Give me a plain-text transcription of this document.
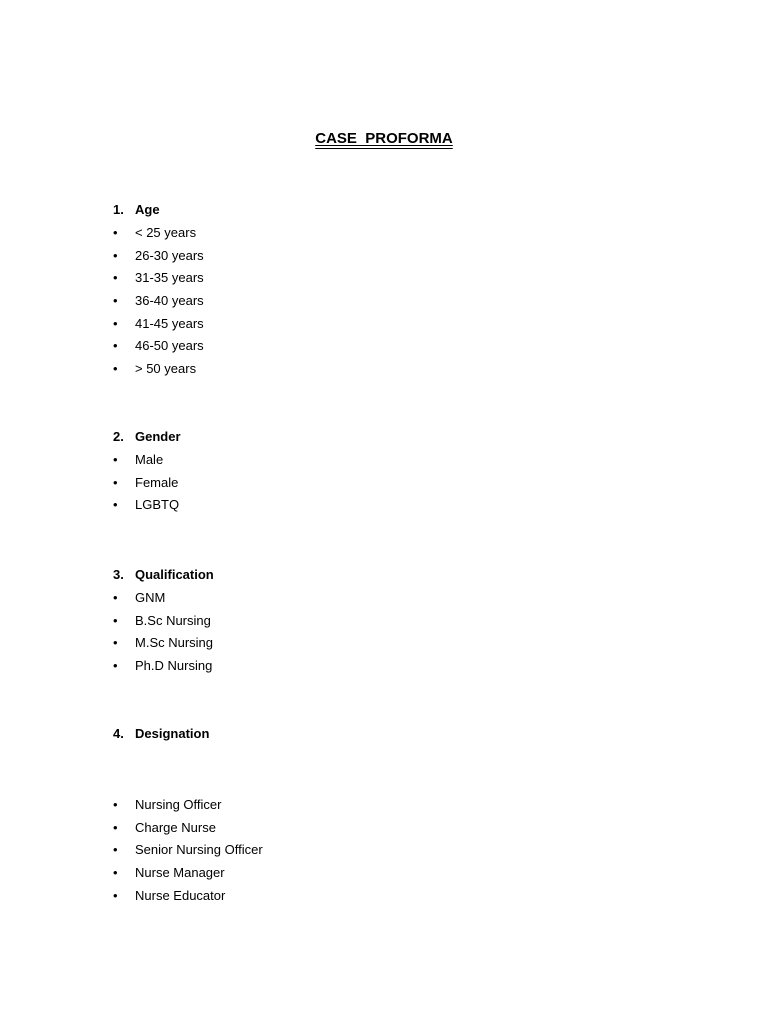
CASE  PROFORMA
1. Age
• < 25 years
• 26-30 years
• 31-35 years
• 36-40 years
• 41-45 years
• 46-50 years
• > 50 years
2. Gender
• Male
• Female
• LGBTQ
3. Qualification
• GNM
• B.Sc Nursing
• M.Sc Nursing
• Ph.D Nursing
4. Designation
• Nursing Officer
• Charge Nurse
• Senior Nursing Officer
• Nurse Manager
• Nurse Educator
